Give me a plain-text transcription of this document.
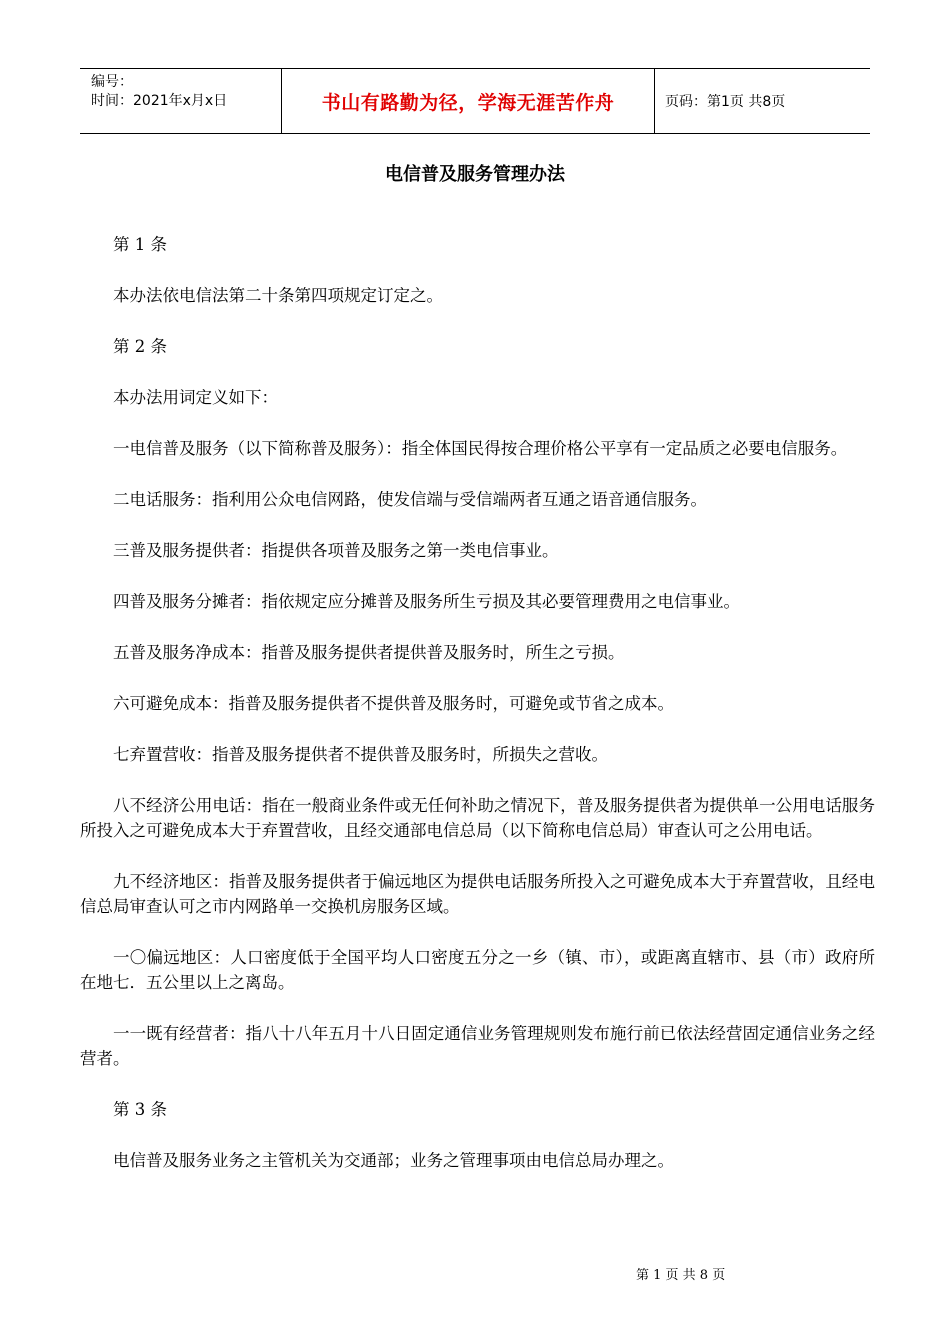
编号：
时间：2021年x月x日	书山有路勤为径，学海无涯苦作舟	页码：第1页 共8页
电信普及服务管理办法

第 1 条

本办法依电信法第二十条第四项规定订定之。

第 2 条

本办法用词定义如下：

一电信普及服务（以下简称普及服务）：指全体国民得按合理价格公平享有一定品质之必要电信服务。

二电话服务：指利用公众电信网路，使发信端与受信端两者互通之语音通信服务。

三普及服务提供者：指提供各项普及服务之第一类电信事业。

四普及服务分摊者：指依规定应分摊普及服务所生亏损及其必要管理费用之电信事业。

五普及服务净成本：指普及服务提供者提供普及服务时，所生之亏损。

六可避免成本：指普及服务提供者不提供普及服务时，可避免或节省之成本。

七弃置营收：指普及服务提供者不提供普及服务时，所损失之营收。

八不经济公用电话：指在一般商业条件或无任何补助之情况下，普及服务提供者为提供单一公用电话服务所投入之可避免成本大于弃置营收，且经交通部电信总局（以下简称电信总局）审查认可之公用电话。

九不经济地区：指普及服务提供者于偏远地区为提供电话服务所投入之可避免成本大于弃置营收，且经电信总局审查认可之市内网路单一交换机房服务区域。

一〇偏远地区：人口密度低于全国平均人口密度五分之一乡（镇、市），或距离直辖市、县（市）政府所在地七．五公里以上之离岛。

一一既有经营者：指八十八年五月十八日固定通信业务管理规则发布施行前已依法经营固定通信业务之经营者。

第 3 条

电信普及服务业务之主管机关为交通部；业务之管理事项由电信总局办理之。

第 1 页 共 8 页
